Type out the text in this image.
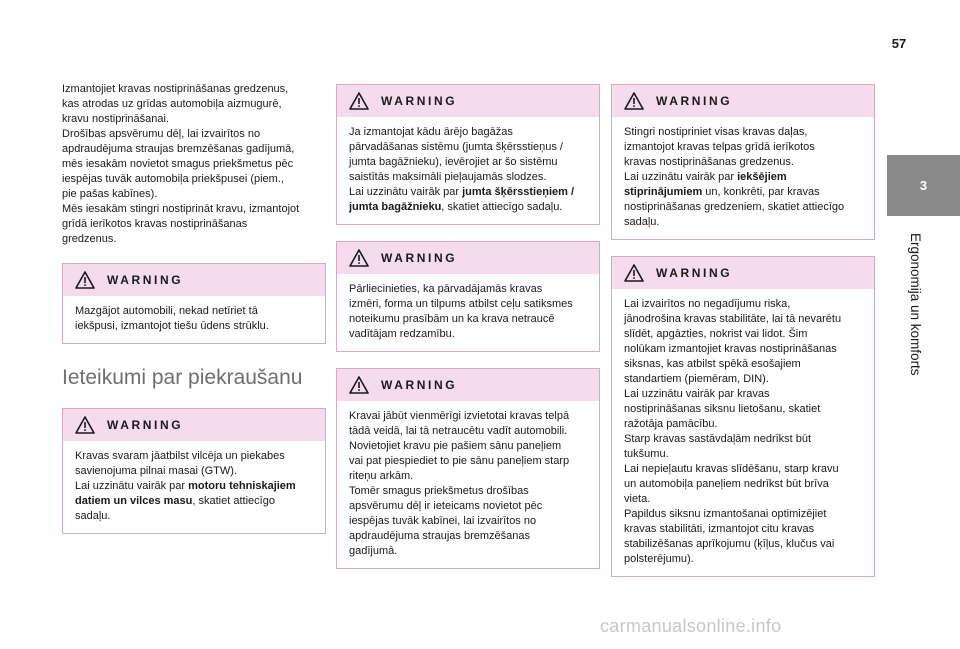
57
3
Ergonomija un komforts

Izmantojiet kravas nostiprināšanas gredzenus,
kas atrodas uz grīdas automobiļa aizmugurē,
kravu nostiprināšanai.
Drošības apsvērumu dēļ, lai izvairītos no
apdraudējuma straujas bremzēšanas gadījumā,
mēs iesakām novietot smagus priekšmetus pēc
iespējas tuvāk automobiļa priekšpusei (piem.,
pie pašas kabīnes).
Mēs iesakām stingri nostiprināt kravu, izmantojot
grīdā ierīkotos kravas nostiprināšanas
gredzenus.

WARNING

Mazgājot automobili, nekad netīriet tā
iekšpusi, izmantojot tiešu ūdens strūklu.

Ieteikumi par piekraušanu
WARNING

Kravas svaram jāatbilst vilcēja un piekabes
savienojuma pilnai masai (GTW).
Lai uzzinātu vairāk par motoru tehniskajiem
datiem un vilces masu, skatiet attiecīgo
sadaļu.

WARNING

Ja izmantojat kādu ārējo bagāžas
pārvadāšanas sistēmu (jumta šķērsstieņus /
jumta bagāžnieku), ievērojiet ar šo sistēmu
saistītās maksimāli pieļaujamās slodzes.
Lai uzzinātu vairāk par jumta šķērsstieņiem /
jumta bagāžnieku, skatiet attiecīgo sadaļu.

WARNING

Pārliecinieties, ka pārvadājamās kravas
izmēri, forma un tilpums atbilst ceļu satiksmes
noteikumu prasībām un ka krava netraucē
vadītājam redzamību.

WARNING

Kravai jābūt vienmērīgi izvietotai kravas telpā
tādā veidā, lai tā netraucētu vadīt automobili.
Novietojiet kravu pie pašiem sānu paneļiem
vai pat piespiediet to pie sānu paneļiem starp
riteņu arkām.
Tomēr smagus priekšmetus drošības
apsvērumu dēļ ir ieteicams novietot pēc
iespējas tuvāk kabīnei, lai izvairītos no
apdraudējuma straujas bremzēšanas
gadījumā.

WARNING

Stingri nostipriniet visas kravas daļas,
izmantojot kravas telpas grīdā ierīkotos
kravas nostiprināšanas gredzenus.
Lai uzzinātu vairāk par iekšējiem
stiprinājumiem un, konkrēti, par kravas
nostiprināšanas gredzeniem, skatiet attiecīgo
sadaļu.

WARNING

Lai izvairītos no negadījumu riska,
jānodrošina kravas stabilitāte, lai tā nevarētu
slīdēt, apgāzties, nokrist vai lidot. Šim
nolūkam izmantojiet kravas nostiprināšanas
siksnas, kas atbilst spēkā esošajiem
standartiem (piemēram, DIN).
Lai uzzinātu vairāk par kravas
nostiprināšanas siksnu lietošanu, skatiet
ražotāja pamācību.
Starp kravas sastāvdaļām nedrīkst būt
tukšumu.
Lai nepieļautu kravas slīdēšanu, starp kravu
un automobiļa paneļiem nedrīkst būt brīva
vieta.
Papildus siksnu izmantošanai optimizējiet
kravas stabilitāti, izmantojot citu kravas
stabilizēšanas aprīkojumu (ķīļus, klučus vai
polsterējumu).

carmanualsonline.info
